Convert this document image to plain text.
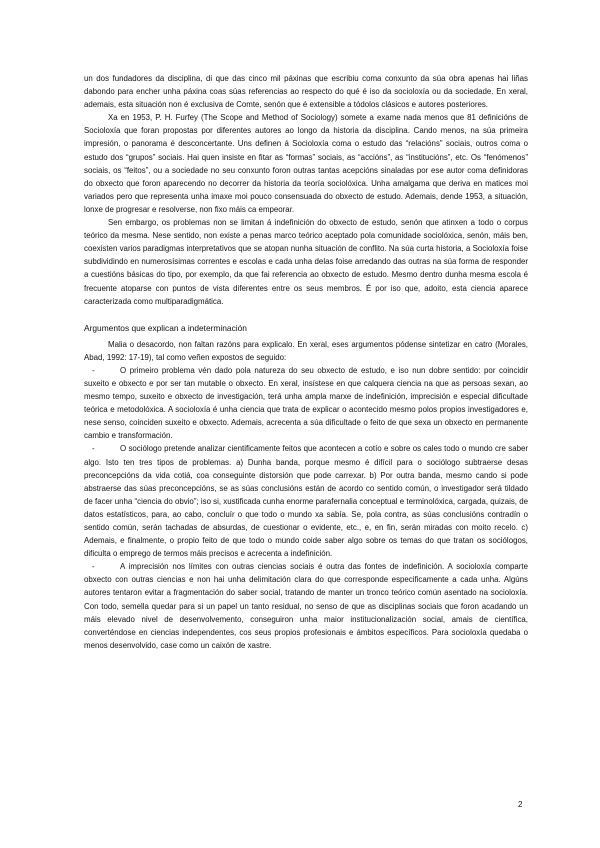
un dos fundadores da disciplina, di que das cinco mil páxinas que escribiu coma conxunto da súa obra apenas hai liñas dabondo para encher unha páxina coas súas referencias ao respecto do qué é iso da socioloxía ou da sociedade. En xeral, ademais, esta situación non é exclusiva de Comte, senón que é extensible a tódolos clásicos e autores posteriores.

Xa en 1953, P. H. Furfey (The Scope and Method of Sociology) somete a exame nada menos que 81 definicións de Socioloxía que foran propostas por diferentes autores ao longo da historia da disciplina. Cando menos, na súa primeira impresión, o panorama é desconcertante. Uns definen á Socioloxía coma o estudo das “relacións” sociais, outros coma o estudo dos “grupos” sociais. Hai quen insiste en fitar as “formas” sociais, as “accións”, as “institucións”, etc. Os “fenómenos” sociais, os “feitos”, ou a sociedade no seu conxunto foron outras tantas acepcións sinaladas por ese autor coma definidoras do obxecto que foron aparecendo no decorrer da historia da teoría sociolóxica. Unha amalgama que deriva en matices moi variados pero que representa unha imaxe moi pouco consensuada do obxecto de estudo. Ademais, dende 1953, a situación, lonxe de progresar e resolverse, non fixo máis ca empeorar.

Sen embargo, os problemas non se limitan á indefinición do obxecto de estudo, senón que atinxen a todo o corpus teórico da mesma. Nese sentido, non existe a penas marco teórico aceptado pola comunidade sociolóxica, senón, máis ben, coexisten varios paradigmas interpretativos que se atopan nunha situación de conflito. Na súa curta historia, a Socioloxía foise subdividindo en numerosísimas correntes e escolas e cada unha delas foise arredando das outras na súa forma de responder a cuestións básicas do tipo, por exemplo, da que fai referencia ao obxecto de estudo. Mesmo dentro dunha mesma escola é frecuente atoparse con puntos de vista diferentes entre os seus membros. É por iso que, adoito, esta ciencia aparece caracterizada como multiparadigmática.

Argumentos que explican a indeterminación

Malia o desacordo, non faltan razóns para explicalo. En xeral, eses argumentos pódense sintetizar en catro (Morales, Abad, 1992: 17-19), tal como veñen expostos de seguido:

-	O primeiro problema vén dado pola natureza do seu obxecto de estudo, e iso nun dobre sentido: por coincidir suxeito e obxecto e por ser tan mutable o obxecto. En xeral, insístese en que calquera ciencia na que as persoas sexan, ao mesmo tempo, suxeito e obxecto de investigación, terá unha ampla marxe de indefinición, imprecisión e especial dificultade teórica e metodolóxica. A socioloxía é unha ciencia que trata de explicar o acontecido mesmo polos propios investigadores e, nese senso, coinciden suxeito e obxecto. Ademais, acrecenta a súa dificultade o feito de que sexa un obxecto en permanente cambio e transformación.
-	O sociólogo pretende analizar cientificamente feitos que acontecen a cotío e sobre os cales todo o mundo cre saber algo. Isto ten tres tipos de problemas. a) Dunha banda, porque mesmo é difícil para o sociólogo subtraerse desas preconcepcións da vida cotiá, coa conseguinte distorsión que pode carrexar. b) Por outra banda, mesmo cando si pode abstraerse das súas preconcepcións, se as súas conclusións están de acordo co sentido común, o investigador será tildado de facer unha “ciencia do obvio”; iso si, xustificada cunha enorme parafernalia conceptual e terminolóxica, cargada, quizais, de datos estatísticos, para, ao cabo, concluír o que todo o mundo xa sabía. Se, pola contra, as súas conclusións contradín o sentido común, serán tachadas de absurdas, de cuestionar o evidente, etc., e, en fin, serán miradas con moito recelo. c) Ademais, e finalmente, o propio feito de que todo o mundo coide saber algo sobre os temas do que tratan os sociólogos, dificulta o emprego de termos máis precisos e acrecenta a indefinición.
-	A imprecisión nos límites con outras ciencias sociais é outra das fontes de indefinición. A socioloxía comparte obxecto con outras ciencias e non hai unha delimitación clara do que corresponde especificamente a cada unha. Algúns autores tentaron evitar a fragmentación do saber social, tratando de manter un tronco teórico común asentado na socioloxía. Con todo, semella quedar para si un papel un tanto residual, no senso de que as disciplinas sociais que foron acadando un máis elevado nivel de desenvolvemento, conseguiron unha maior institucionalización social, amais de científica, converténdose en ciencias independentes, cos seus propios profesionais e ámbitos específicos. Para socioloxía quedaba o menos desenvolvido, case como un caixón de xastre.
2
